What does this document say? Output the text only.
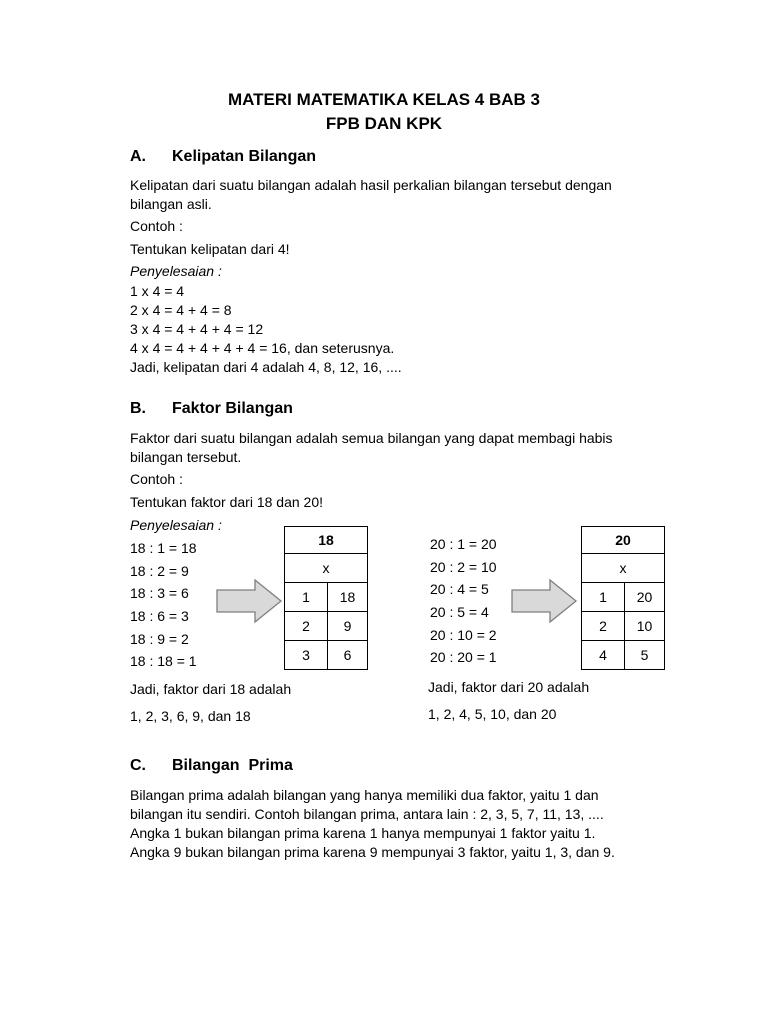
MATERI MATEMATIKA KELAS 4 BAB 3
FPB DAN KPK
A. Kelipatan Bilangan
Kelipatan dari suatu bilangan adalah hasil perkalian bilangan tersebut dengan
bilangan asli.
Contoh :
Tentukan kelipatan dari 4!
Penyelesaian :
1 x 4 = 4
2 x 4 = 4 + 4 = 8
3 x 4 = 4 + 4 + 4 = 12
4 x 4 = 4 + 4 + 4 + 4 = 16, dan seterusnya.
Jadi, kelipatan dari 4 adalah 4, 8, 12, 16, ....
B. Faktor Bilangan
Faktor dari suatu bilangan adalah semua bilangan yang dapat membagi habis
bilangan tersebut.
Contoh :
Tentukan faktor dari 18 dan 20!
Penyelesaian :
18 : 1 = 18
18 : 2 = 9
18 : 3 = 6
18 : 6 = 3
18 : 9 = 2
18 : 18 = 1
18	
x	
1	18
2	9
3	6
Jadi, faktor dari 18 adalah
1, 2, 3, 6, 9, dan 18
20 : 1 = 20
20 : 2 = 10
20 : 4 = 5
20 : 5 = 4
20 : 10 = 2
20 : 20 = 1
20	
x	
1	20
2	10
4	5
Jadi, faktor dari 20 adalah
1, 2, 4, 5, 10, dan 20
C. Bilangan  Prima
Bilangan prima adalah bilangan yang hanya memiliki dua faktor, yaitu 1 dan
bilangan itu sendiri. Contoh bilangan prima, antara lain : 2, 3, 5, 7, 11, 13, ....
Angka 1 bukan bilangan prima karena 1 hanya mempunyai 1 faktor yaitu 1.
Angka 9 bukan bilangan prima karena 9 mempunyai 3 faktor, yaitu 1, 3, dan 9.
